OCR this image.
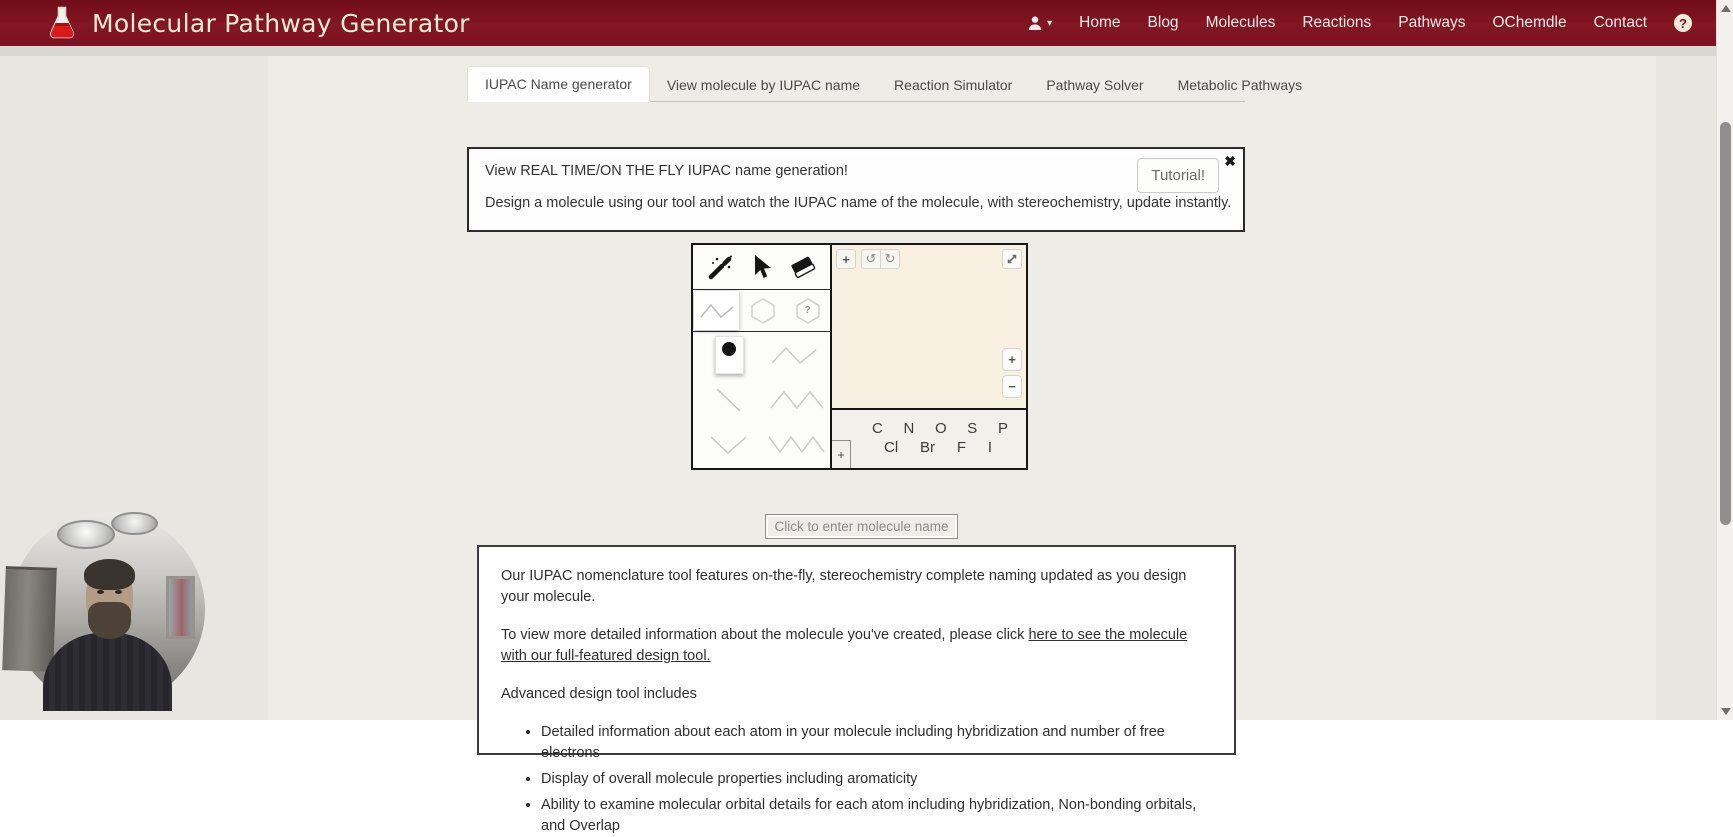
Molecular Pathway Generator	▾ Home Blog Molecules Reactions Pathways OChemdle Contact	?
IUPAC Name generator	View molecule by IUPAC name	Reaction Simulator	Pathway Solver	Metabolic Pathways
View REAL TIME/ON THE FLY IUPAC name generation!
Design a molecule using our tool and watch the IUPAC name of the molecule, with stereochemistry, update instantly.
Tutorial!
✖
?
+	↺ ↻
+
−
C N O S P
Cl Br F I
+
Click to enter molecule name

Our IUPAC nomenclature tool features on-the-fly, stereochemistry complete naming updated as you design your molecule.

To view more detailed information about the molecule you've created, please click here to see the molecule with our full-featured design tool.

Advanced design tool includes

• Detailed information about each atom in your molecule including hybridization and number of free electrons
• Display of overall molecule properties including aromaticity
• Ability to examine molecular orbital details for each atom including hybridization, Non-bonding orbitals, and Overlap
